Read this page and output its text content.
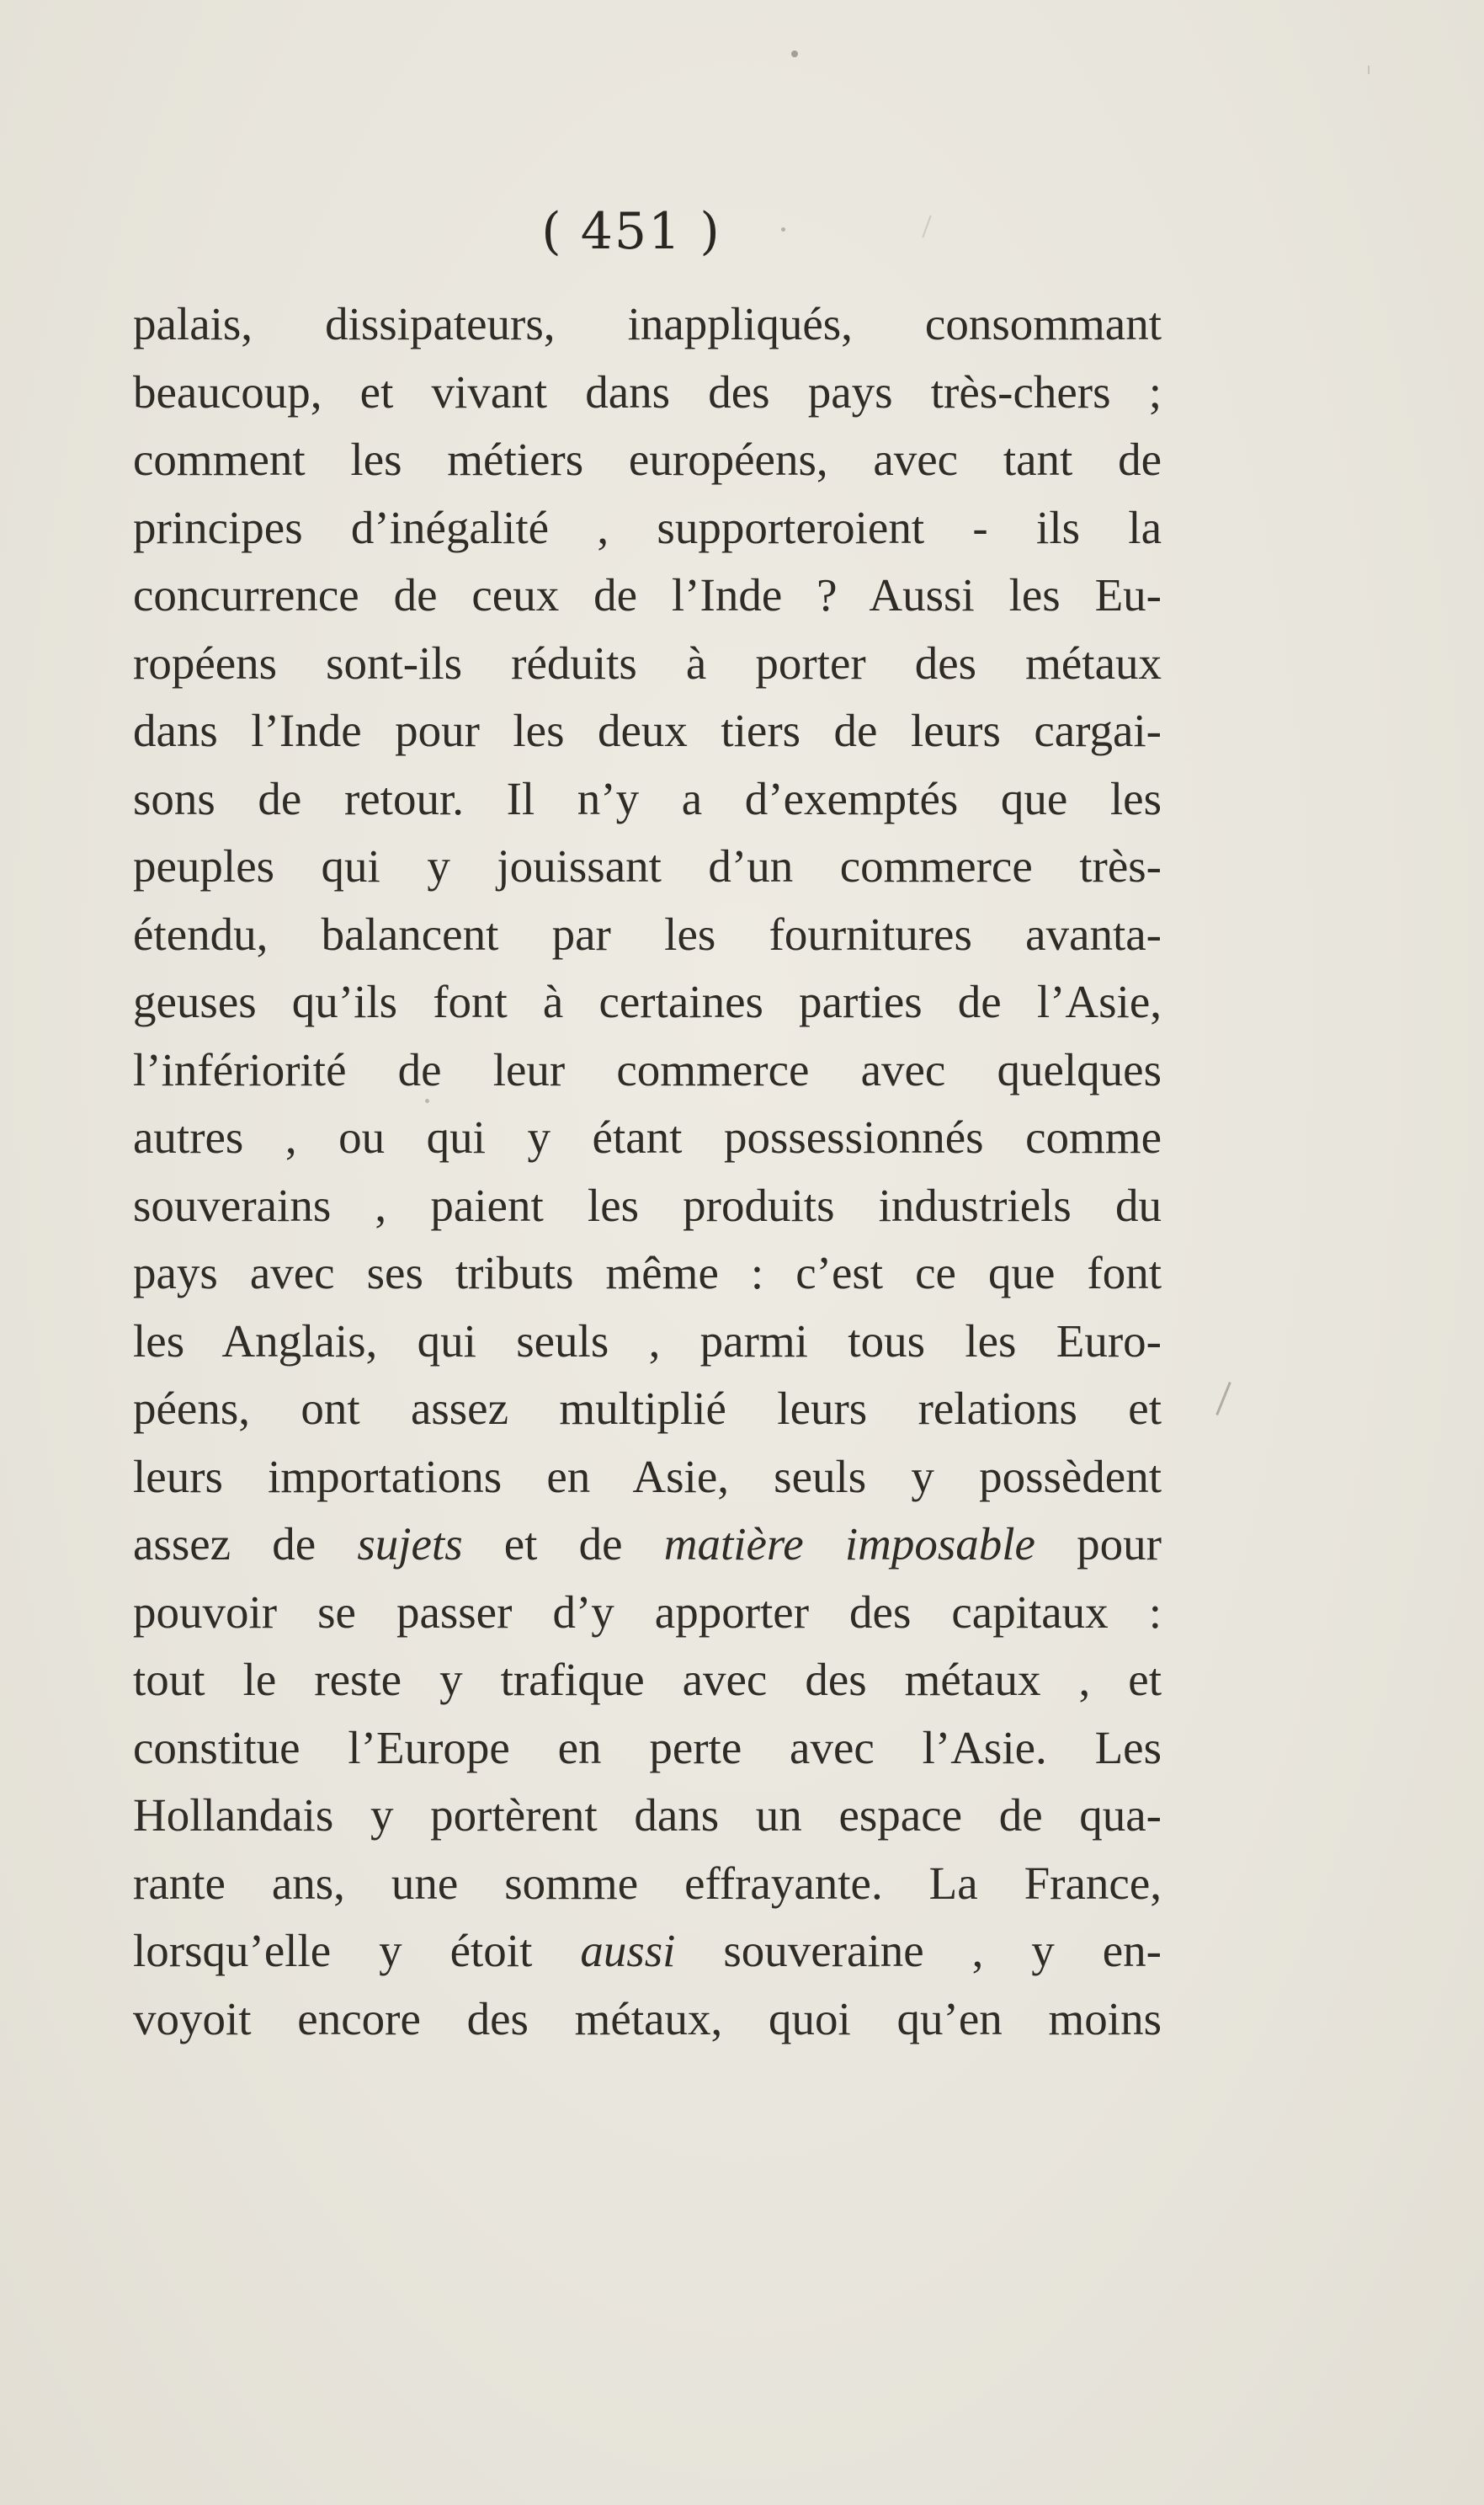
( 451 )
palais, dissipateurs, inappliqués, consommant
beaucoup, et vivant dans des pays très-chers ;
comment les métiers européens, avec tant de
principes d’inégalité , supporteroient - ils la
concurrence de ceux de l’Inde ? Aussi les Eu-
ropéens sont-ils réduits à porter des métaux
dans l’Inde pour les deux tiers de leurs cargai-
sons de retour. Il n’y a d’exemptés que les
peuples qui y jouissant d’un commerce très-
étendu, balancent par les fournitures avanta-
geuses qu’ils font à certaines parties de l’Asie,
l’infériorité de leur commerce avec quelques
autres , ou qui y étant possessionnés comme
souverains , paient les produits industriels du
pays avec ses tributs même : c’est ce que font
les Anglais, qui seuls , parmi tous les Euro-
péens, ont assez multiplié leurs relations et
leurs importations en Asie, seuls y possèdent
assez de sujets et de matière imposable pour
pouvoir se passer d’y apporter des capitaux :
tout le reste y trafique avec des métaux , et
constitue l’Europe en perte avec l’Asie. Les
Hollandais y portèrent dans un espace de qua-
rante ans, une somme effrayante. La France,
lorsqu’elle y étoit aussi souveraine , y en-
voyoit encore des métaux, quoi qu’en moins
